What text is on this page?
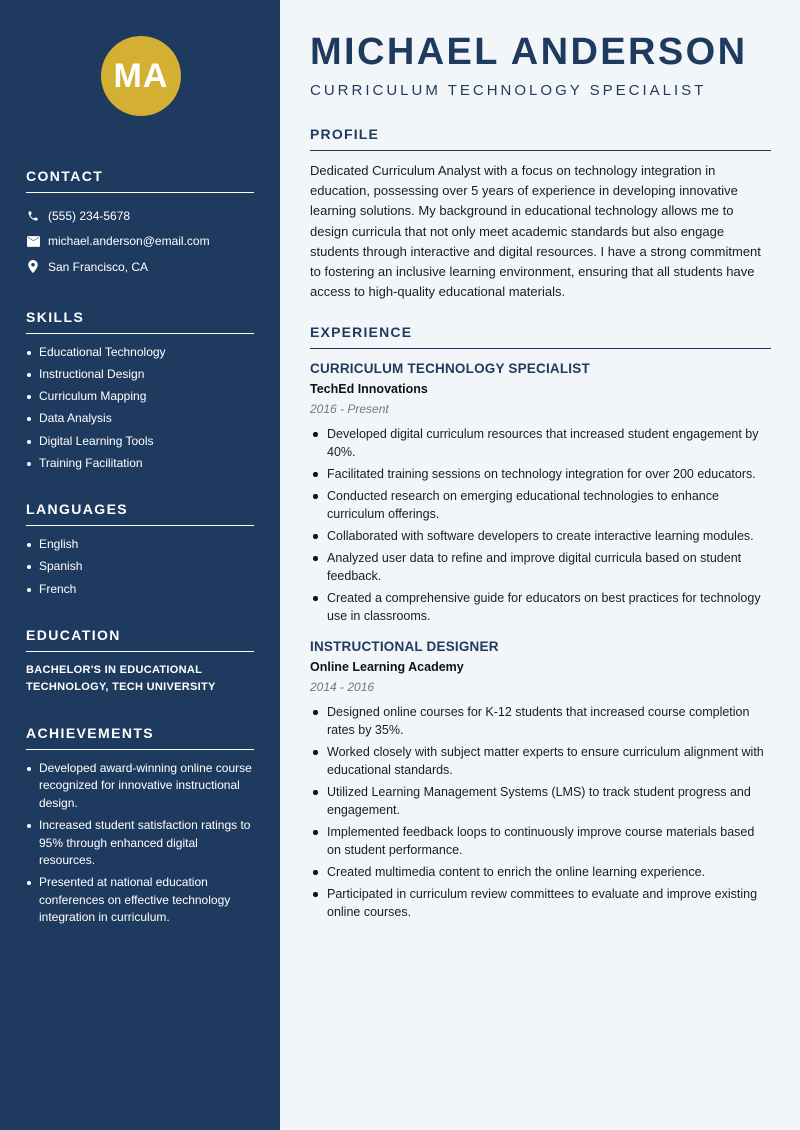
MA
CONTACT
(555) 234-5678
michael.anderson@email.com
San Francisco, CA
SKILLS
Educational Technology
Instructional Design
Curriculum Mapping
Data Analysis
Digital Learning Tools
Training Facilitation
LANGUAGES
English
Spanish
French
EDUCATION
BACHELOR'S IN EDUCATIONAL TECHNOLOGY, TECH UNIVERSITY
ACHIEVEMENTS
Developed award-winning online course recognized for innovative instructional design.
Increased student satisfaction ratings to 95% through enhanced digital resources.
Presented at national education conferences on effective technology integration in curriculum.
MICHAEL ANDERSON
CURRICULUM TECHNOLOGY SPECIALIST
PROFILE

Dedicated Curriculum Analyst with a focus on technology integration in education, possessing over 5 years of experience in developing innovative learning solutions. My background in educational technology allows me to design curricula that not only meet academic standards but also engage students through interactive and digital resources. I have a strong commitment to fostering an inclusive learning environment, ensuring that all students have access to high-quality educational materials.

EXPERIENCE
CURRICULUM TECHNOLOGY SPECIALIST
TechEd Innovations
2016 - Present
Developed digital curriculum resources that increased student engagement by 40%.
Facilitated training sessions on technology integration for over 200 educators.
Conducted research on emerging educational technologies to enhance curriculum offerings.
Collaborated with software developers to create interactive learning modules.
Analyzed user data to refine and improve digital curricula based on student feedback.
Created a comprehensive guide for educators on best practices for technology use in classrooms.
INSTRUCTIONAL DESIGNER
Online Learning Academy
2014 - 2016
Designed online courses for K-12 students that increased course completion rates by 35%.
Worked closely with subject matter experts to ensure curriculum alignment with educational standards.
Utilized Learning Management Systems (LMS) to track student progress and engagement.
Implemented feedback loops to continuously improve course materials based on student performance.
Created multimedia content to enrich the online learning experience.
Participated in curriculum review committees to evaluate and improve existing online courses.
